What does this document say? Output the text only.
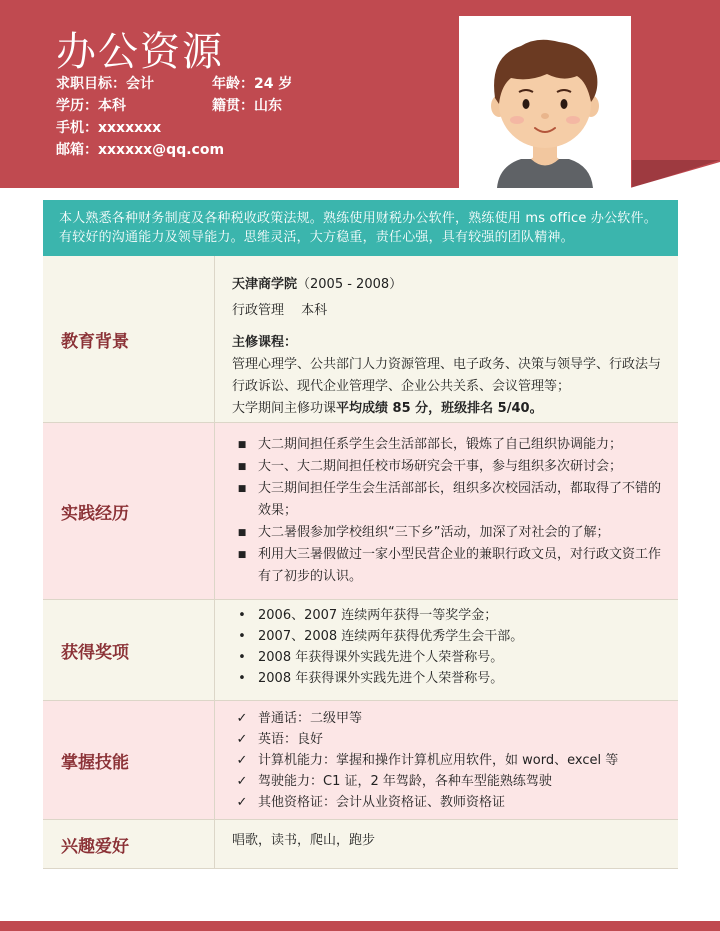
办公资源
求职目标：会计	年龄：24 岁
学历：本科	籍贯：山东
手机：xxxxxxx
邮箱：xxxxxx@qq.com
本人熟悉各种财务制度及各种税收政策法规。熟练使用财税办公软件，熟练使用 ms office 办公软件。有较好的沟通能力及领导能力。思维灵活，大方稳重，责任心强，具有较强的团队精神。
教育背景
天津商学院（2005 - 2008）
行政管理　 本科
主修课程：
管理心理学、公共部门人力资源管理、电子政务、决策与领导学、行政法与行政诉讼、现代企业管理学、企业公共关系、会议管理等；
大学期间主修功课平均成绩 85 分，班级排名 5/40。
实践经历
■ 大二期间担任系学生会生活部部长，锻炼了自己组织协调能力；
■ 大一、大二期间担任校市场研究会干事，参与组织多次研讨会；
■ 大三期间担任学生会生活部部长，组织多次校园活动，都取得了不错的效果；
■ 大二暑假参加学校组织“三下乡”活动，加深了对社会的了解；
■ 利用大三暑假做过一家小型民营企业的兼职行政文员，对行政文资工作有了初步的认识。
获得奖项
• 2006、2007 连续两年获得一等奖学金；
• 2007、2008 连续两年获得优秀学生会干部。
• 2008 年获得课外实践先进个人荣誉称号。
• 2008 年获得课外实践先进个人荣誉称号。
掌握技能
✓ 普通话：二级甲等
✓ 英语：良好
✓ 计算机能力：掌握和操作计算机应用软件，如 word、excel 等
✓ 驾驶能力：C1 证，2 年驾龄，各种车型能熟练驾驶
✓ 其他资格证：会计从业资格证、教师资格证
兴趣爱好	唱歌，读书，爬山，跑步
